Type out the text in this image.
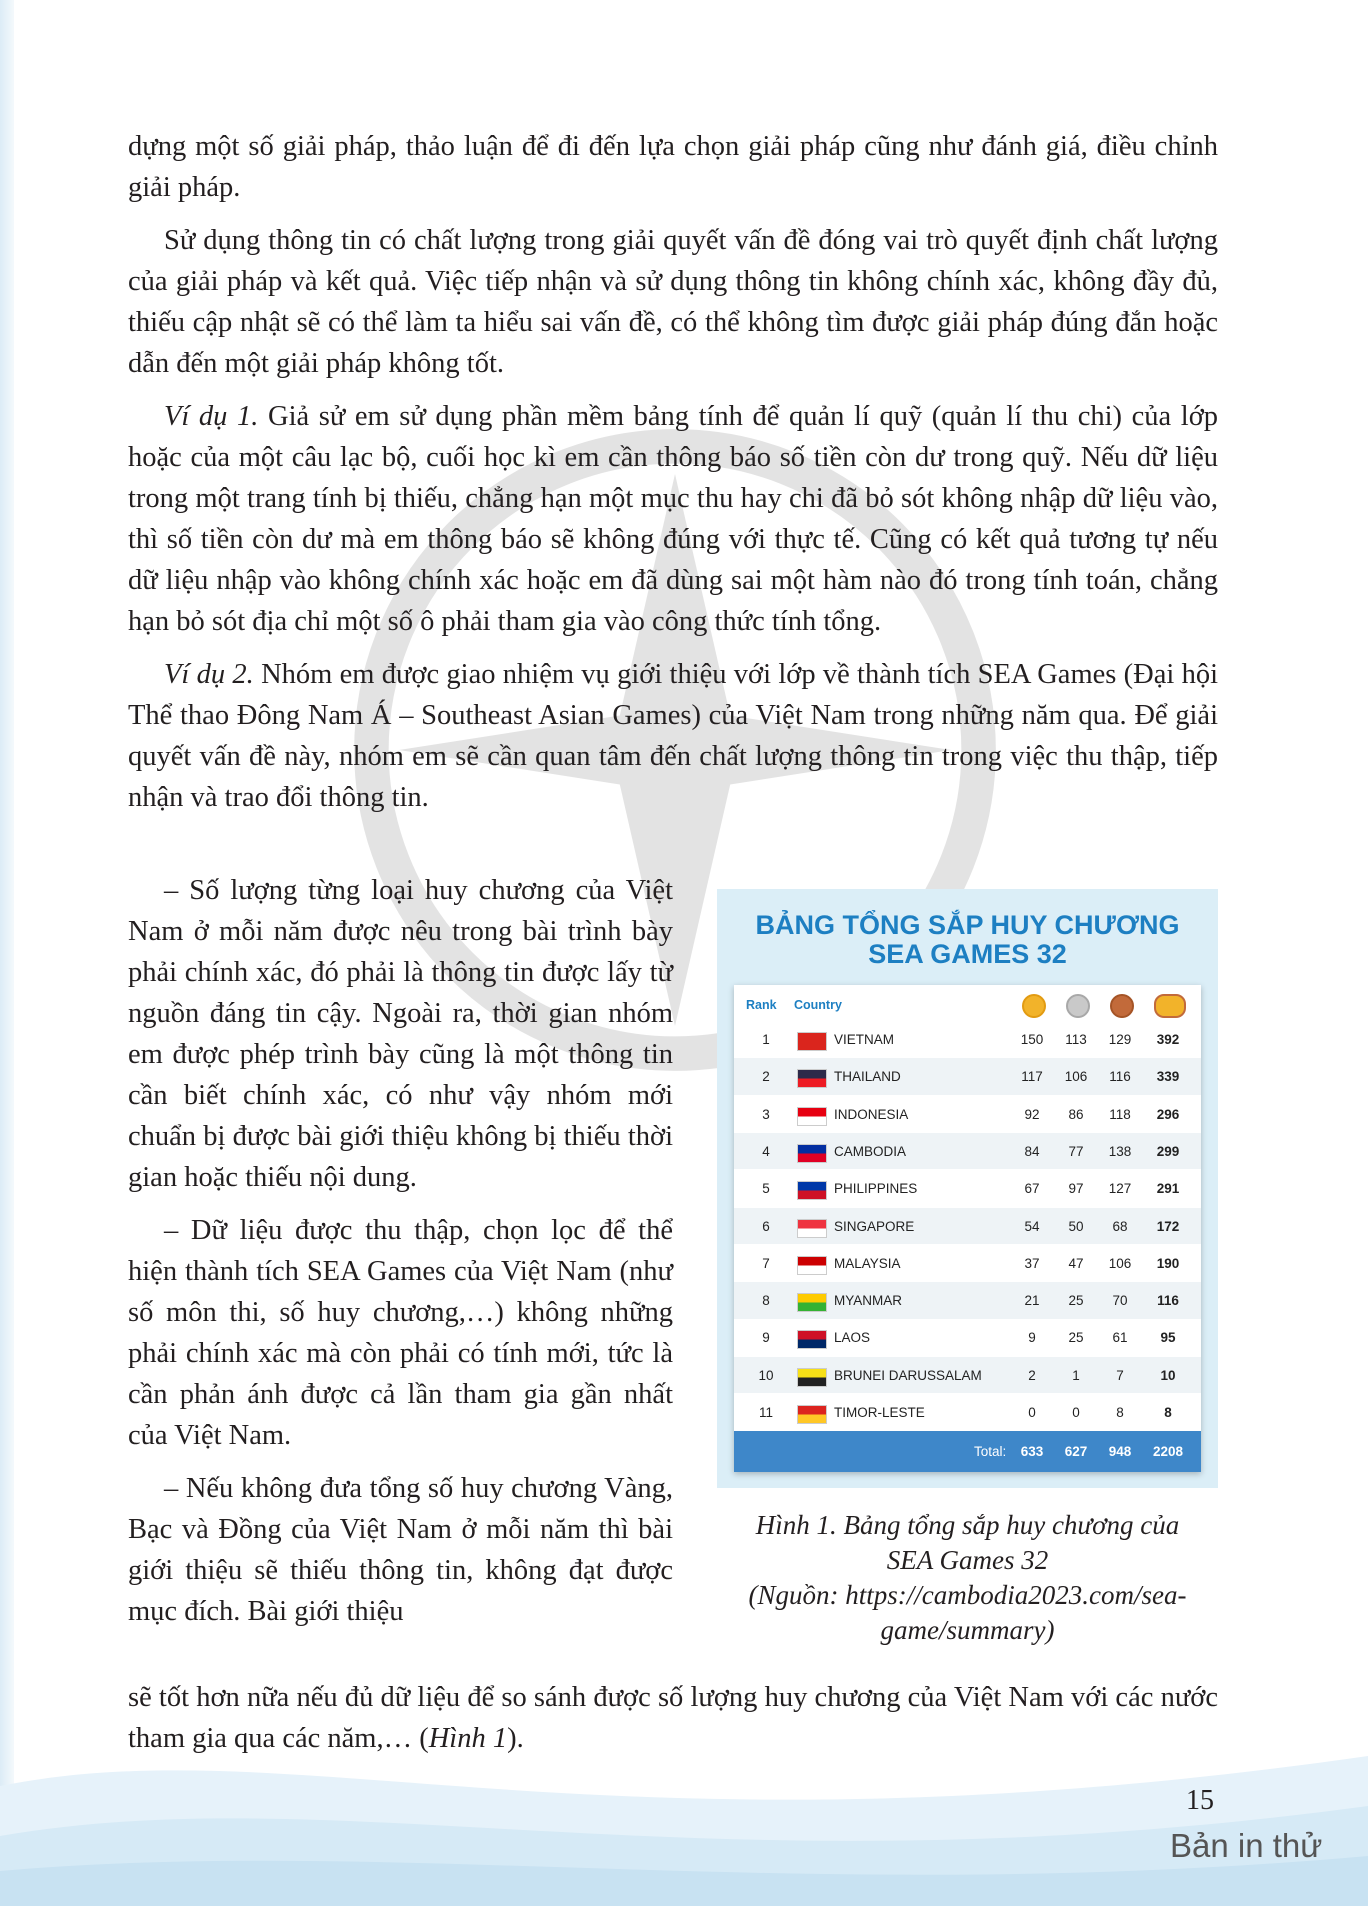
dựng một số giải pháp, thảo luận để đi đến lựa chọn giải pháp cũng như đánh giá, điều chỉnh giải pháp.

Sử dụng thông tin có chất lượng trong giải quyết vấn đề đóng vai trò quyết định chất lượng của giải pháp và kết quả. Việc tiếp nhận và sử dụng thông tin không chính xác, không đầy đủ, thiếu cập nhật sẽ có thể làm ta hiểu sai vấn đề, có thể không tìm được giải pháp đúng đắn hoặc dẫn đến một giải pháp không tốt.

Ví dụ 1. Giả sử em sử dụng phần mềm bảng tính để quản lí quỹ (quản lí thu chi) của lớp hoặc của một câu lạc bộ, cuối học kì em cần thông báo số tiền còn dư trong quỹ. Nếu dữ liệu trong một trang tính bị thiếu, chẳng hạn một mục thu hay chi đã bỏ sót không nhập dữ liệu vào, thì số tiền còn dư mà em thông báo sẽ không đúng với thực tế. Cũng có kết quả tương tự nếu dữ liệu nhập vào không chính xác hoặc em đã dùng sai một hàm nào đó trong tính toán, chẳng hạn bỏ sót địa chỉ một số ô phải tham gia vào công thức tính tổng.

Ví dụ 2. Nhóm em được giao nhiệm vụ giới thiệu với lớp về thành tích SEA Games (Đại hội Thể thao Đông Nam Á – Southeast Asian Games) của Việt Nam trong những năm qua. Để giải quyết vấn đề này, nhóm em sẽ cần quan tâm đến chất lượng thông tin trong việc thu thập, tiếp nhận và trao đổi thông tin.

– Số lượng từng loại huy chương của Việt Nam ở mỗi năm được nêu trong bài trình bày phải chính xác, đó phải là thông tin được lấy từ nguồn đáng tin cậy. Ngoài ra, thời gian nhóm em được phép trình bày cũng là một thông tin cần biết chính xác, có như vậy nhóm mới chuẩn bị được bài giới thiệu không bị thiếu thời gian hoặc thiếu nội dung.

– Dữ liệu được thu thập, chọn lọc để thể hiện thành tích SEA Games của Việt Nam (như số môn thi, số huy chương,…) không những phải chính xác mà còn phải có tính mới, tức là cần phản ánh được cả lần tham gia gần nhất của Việt Nam.

– Nếu không đưa tổng số huy chương Vàng, Bạc và Đồng của Việt Nam ở mỗi năm thì bài giới thiệu sẽ thiếu thông tin, không đạt được mục đích. Bài giới thiệu

sẽ tốt hơn nữa nếu đủ dữ liệu để so sánh được số lượng huy chương của Việt Nam với các nước tham gia qua các năm,… (Hình 1).
BẢNG TỔNG SẮP HUY CHƯƠNG
SEA GAMES 32
Rank Country
1	VIETNAM	150	113	129	392
2	THAILAND	117	106	116	339
3	INDONESIA	92	86	118	296
4	CAMBODIA	84	77	138	299
5	PHILIPPINES	67	97	127	291
6	SINGAPORE	54	50	68	172
7	MALAYSIA	37	47	106	190
8	MYANMAR	21	25	70	116
9	LAOS	9	25	61	95
10	BRUNEI DARUSSALAM	2	1	7	10
11	TIMOR-LESTE	0	0	8	8
Total:	633	627	948	2208
Hình 1. Bảng tổng sắp huy chương của
SEA Games 32
(Nguồn: https://cambodia2023.com/sea-
game/summary)
15
Bản in thử
